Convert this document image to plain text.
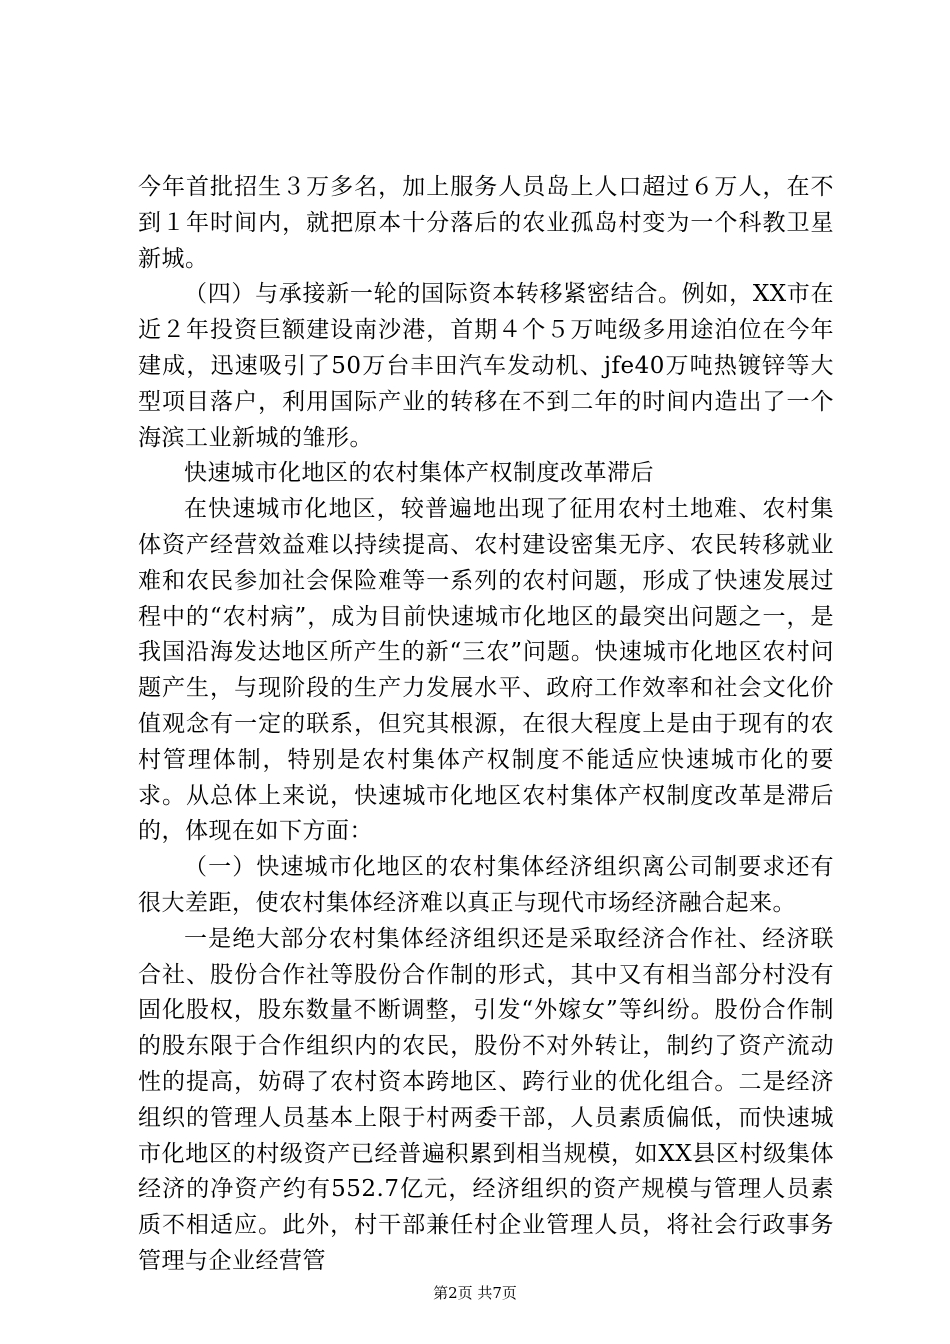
今年首批招生３万多名，加上服务人员岛上人口超过６万人，在不到１年时间内，就把原本十分落后的农业孤岛村变为一个科教卫星新城。

（四）与承接新一轮的国际资本转移紧密结合。例如，XX市在近２年投资巨额建设南沙港，首期４个５万吨级多用途泊位在今年建成，迅速吸引了50万台丰田汽车发动机、jfe40万吨热镀锌等大型项目落户，利用国际产业的转移在不到二年的时间内造出了一个海滨工业新城的雏形。

快速城市化地区的农村集体产权制度改革滞后

在快速城市化地区，较普遍地出现了征用农村土地难、农村集体资产经营效益难以持续提高、农村建设密集无序、农民转移就业难和农民参加社会保险难等一系列的农村问题，形成了快速发展过程中的“农村病”，成为目前快速城市化地区的最突出问题之一，是我国沿海发达地区所产生的新“三农”问题。快速城市化地区农村问题产生，与现阶段的生产力发展水平、政府工作效率和社会文化价值观念有一定的联系，但究其根源，在很大程度上是由于现有的农村管理体制，特别是农村集体产权制度不能适应快速城市化的要求。从总体上来说，快速城市化地区农村集体产权制度改革是滞后的，体现在如下方面：

（一）快速城市化地区的农村集体经济组织离公司制要求还有很大差距，使农村集体经济难以真正与现代市场经济融合起来。

一是绝大部分农村集体经济组织还是采取经济合作社、经济联合社、股份合作社等股份合作制的形式，其中又有相当部分村没有固化股权，股东数量不断调整，引发“外嫁女”等纠纷。股份合作制的股东限于合作组织内的农民，股份不对外转让，制约了资产流动性的提高，妨碍了农村资本跨地区、跨行业的优化组合。二是经济组织的管理人员基本上限于村两委干部，人员素质偏低，而快速城市化地区的村级资产已经普遍积累到相当规模，如XX县区村级集体经济的净资产约有552.7亿元，经济组织的资产规模与管理人员素质不相适应。此外，村干部兼任村企业管理人员，将社会行政事务管理与企业经营管

第2页 共7页
